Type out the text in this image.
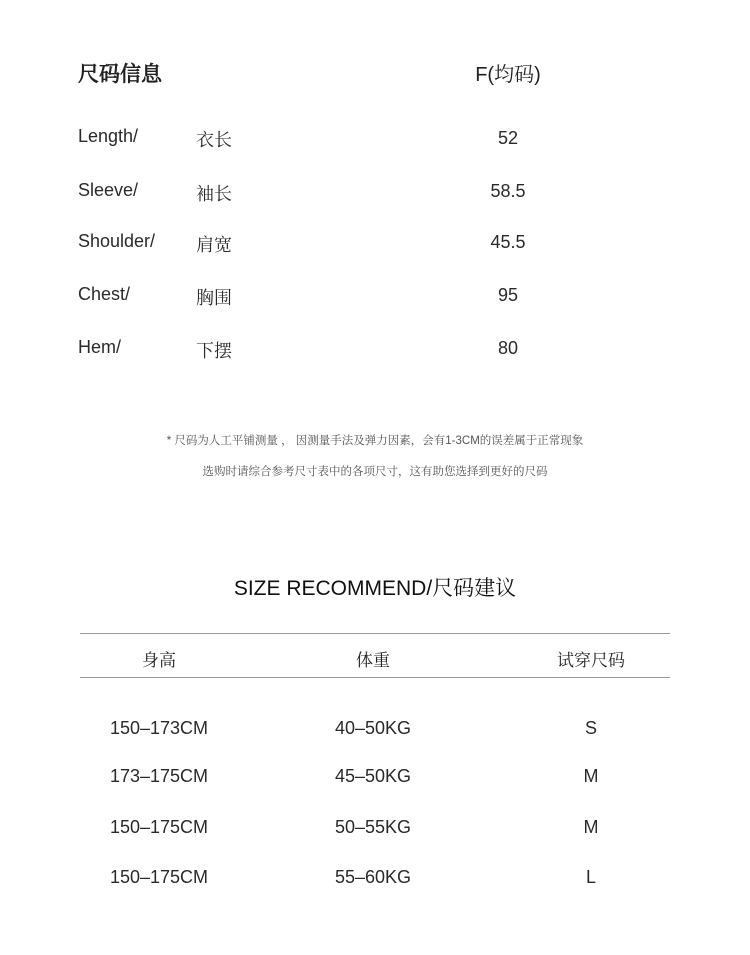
尺码信息	F(均码)
Length/	衣长	52
Sleeve/	袖长	58.5
Shoulder/ 肩宽	45.5
Chest/	胸围	95
Hem/	下摆	80
* 尺码为人工平铺测量 ， 因测量手法及弹力因素，会有1-3CM的误差属于正常现象
选购时请综合参考尺寸表中的各项尺寸，这有助您选择到更好的尺码
SIZE RECOMMEND/尺码建议
身高	体重	试穿尺码
150–173CM	40–50KG	S
173–175CM	45–50KG	M
150–175CM	50–55KG	M
150–175CM	55–60KG	L
